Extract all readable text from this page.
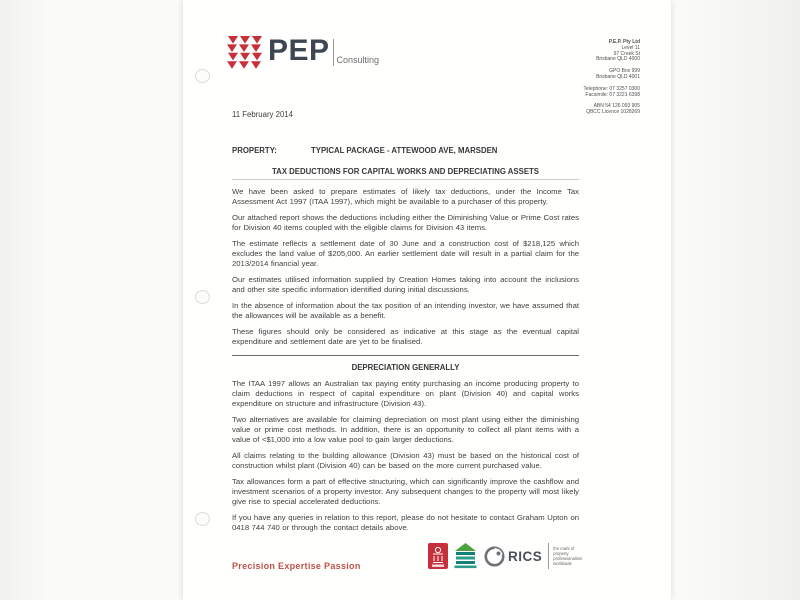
PEP Consulting
P.E.P. Pty Ltd
Level 11
97 Creek St
Brisbane QLD 4000
GPO Box 999
Brisbane QLD 4001
Telephone: 07 3257 0300
Facsimile: 07 3221 6398
ABN 54 126 093 905
QBCC Licence 1028269
11 February 2014
PROPERTY:	TYPICAL PACKAGE - ATTEWOOD AVE, MARSDEN
TAX DEDUCTIONS FOR CAPITAL WORKS AND DEPRECIATING ASSETS

We have been asked to prepare estimates of likely tax deductions, under the Income Tax Assessment Act 1997 (ITAA 1997), which might be available to a purchaser of this property.

Our attached report shows the deductions including either the Diminishing Value or Prime Cost rates for Division 40 items coupled with the eligible claims for Division 43 items.

The estimate reflects a settlement date of 30 June and a construction cost of $218,125 which excludes the land value of $205,000. An earlier settlement date will result in a partial claim for the 2013/2014 financial year.

Our estimates utilised information supplied by Creation Homes taking into account the inclusions and other site specific information identified during initial discussions.

In the absence of information about the tax position of an intending investor, we have assumed that the allowances will be available as a benefit.

These figures should only be considered as indicative at this stage as the eventual capital expenditure and settlement date are yet to be finalised.

DEPRECIATION GENERALLY

The ITAA 1997 allows an Australian tax paying entity purchasing an income producing property to claim deductions in respect of capital expenditure on plant (Division 40) and capital works expenditure on structure and infrastructure (Division 43).

Two alternatives are available for claiming depreciation on most plant using either the diminishing value or prime cost methods. In addition, there is an opportunity to collect all plant items with a value of <$1,000 into a low value pool to gain larger deductions.

All claims relating to the building allowance (Division 43) must be based on the historical cost of construction whilst plant (Division 40) can be based on the more current purchased value.

Tax allowances form a part of effective structuring, which can significantly improve the cashflow and investment scenarios of a property investor. Any subsequent changes to the property will most likely give rise to special accelerated deductions.

If you have any queries in relation to this report, please do not hesitate to contact Graham Upton on 0418 744 740 or through the contact details above.

Precision Expertise Passion
RICS	the mark of
property
professionalism
worldwide
